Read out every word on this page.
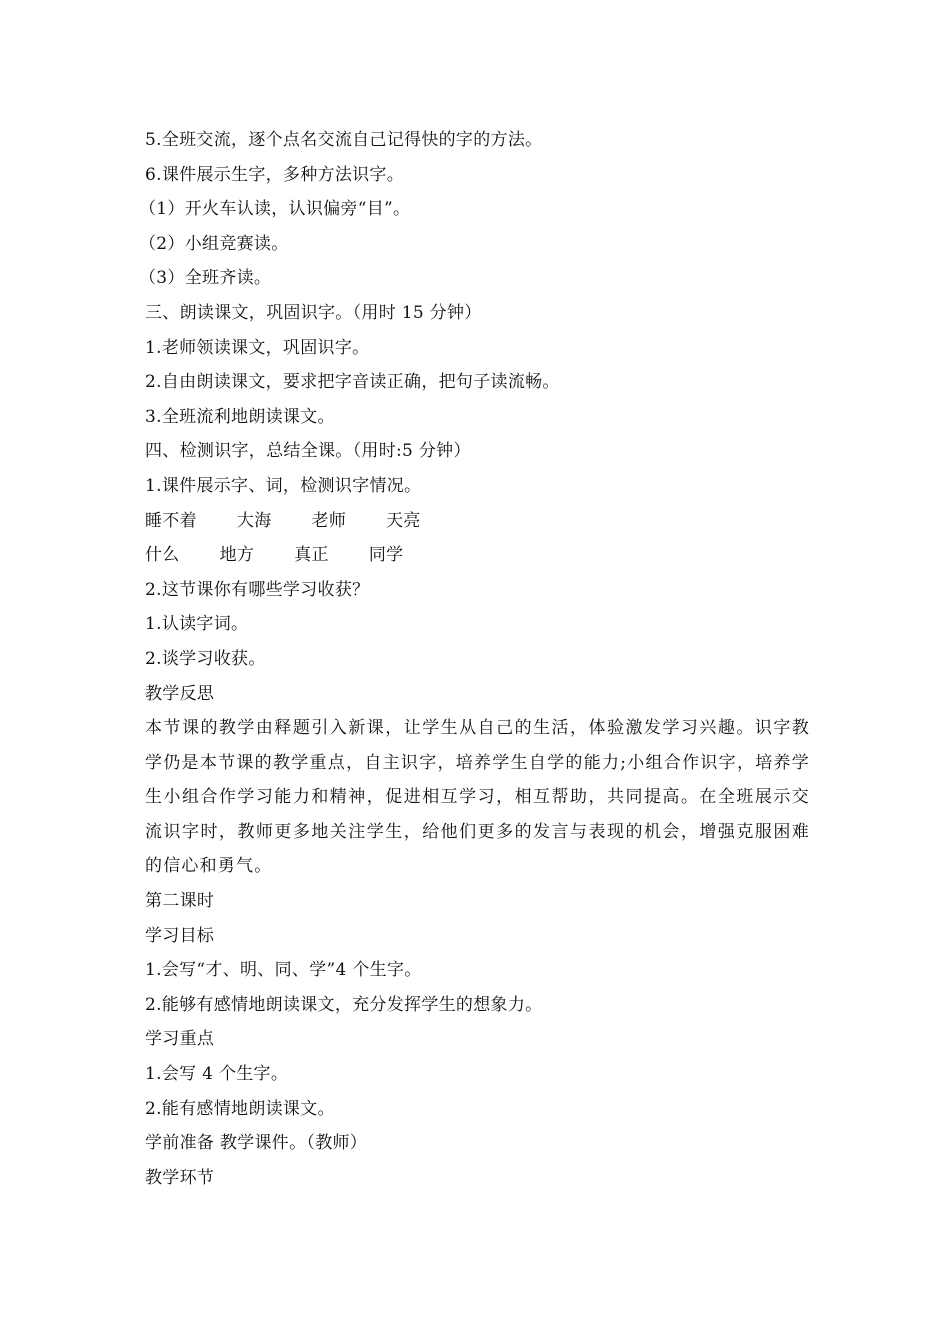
5.全班交流，逐个点名交流自己记得快的字的方法。
6.课件展示生字，多种方法识字。
（1）开火车认读，认识偏旁“目”。
（2）小组竞赛读。
（3）全班齐读。
三、朗读课文，巩固识字。（用时 15 分钟）
1.老师领读课文，巩固识字。
2.自由朗读课文，要求把字音读正确，把句子读流畅。
3.全班流利地朗读课文。
四、检测识字，总结全课。（用时:5 分钟）
1.课件展示字、词，检测识字情况。
睡不着 大海 老师 天亮
什么 地方 真正 同学
2.这节课你有哪些学习收获？
1.认读字词。
2.谈学习收获。
教学反思
本节课的教学由释题引入新课，让学生从自己的生活，体验激发学习兴趣。识字教学仍是本节课的教学重点，自主识字，培养学生自学的能力;小组合作识字，培养学生小组合作学习能力和精神，促进相互学习，相互帮助，共同提高。在全班展示交流识字时，教师更多地关注学生，给他们更多的发言与表现的机会，增强克服困难的信心和勇气。
第二课时
学习目标
1.会写“才、明、同、学”4 个生字。
2.能够有感情地朗读课文，充分发挥学生的想象力。
学习重点
1.会写 4 个生字。
2.能有感情地朗读课文。
学前准备 教学课件。（教师）
教学环节
